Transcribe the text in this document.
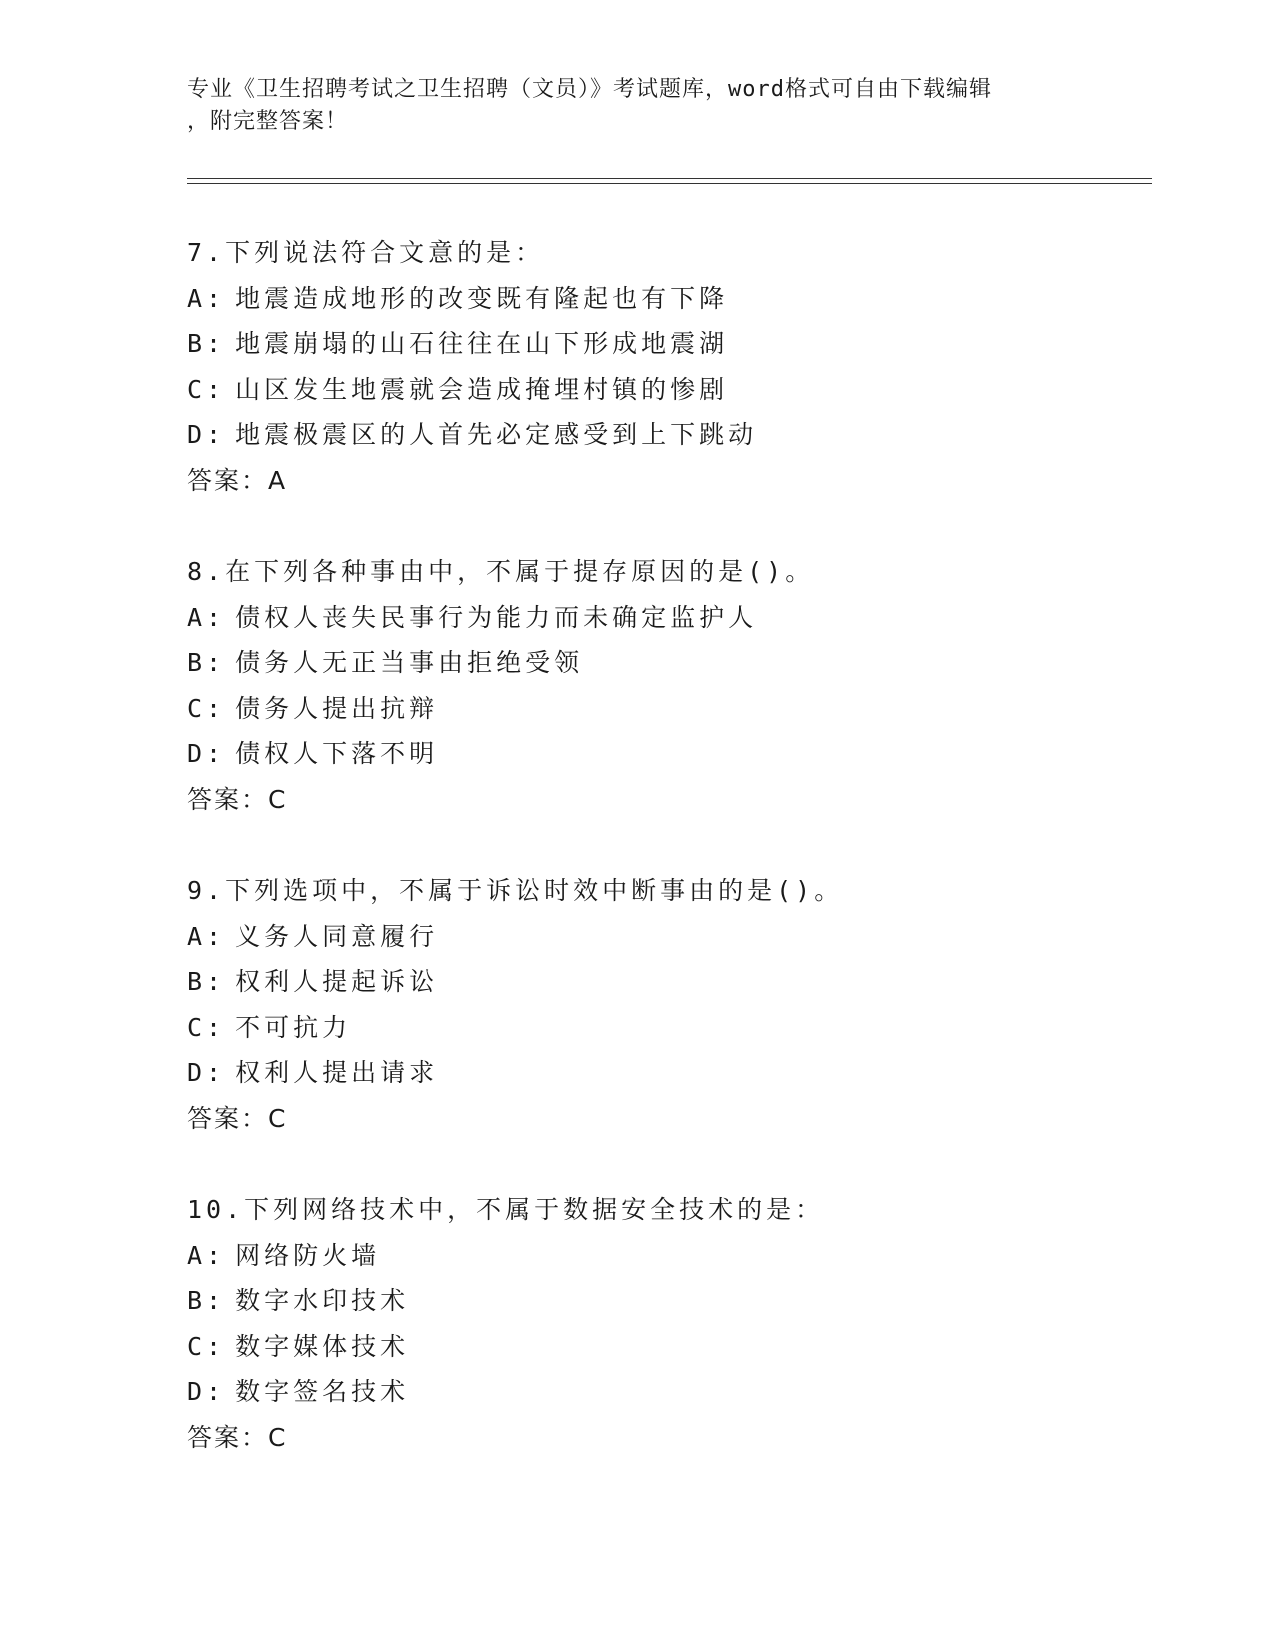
专业《卫生招聘考试之卫生招聘（文员）》考试题库，word格式可自由下载编辑
，附完整答案！
7.下列说法符合文意的是：
A: 地震造成地形的改变既有隆起也有下降
B: 地震崩塌的山石往往在山下形成地震湖
C: 山区发生地震就会造成掩埋村镇的惨剧
D: 地震极震区的人首先必定感受到上下跳动
答案：A
8.在下列各种事由中，不属于提存原因的是()。
A: 债权人丧失民事行为能力而未确定监护人
B: 债务人无正当事由拒绝受领
C: 债务人提出抗辩
D: 债权人下落不明
答案：C
9.下列选项中，不属于诉讼时效中断事由的是()。
A: 义务人同意履行
B: 权利人提起诉讼
C: 不可抗力
D: 权利人提出请求
答案：C
10.下列网络技术中，不属于数据安全技术的是：
A: 网络防火墙
B: 数字水印技术
C: 数字媒体技术
D: 数字签名技术
答案：C
